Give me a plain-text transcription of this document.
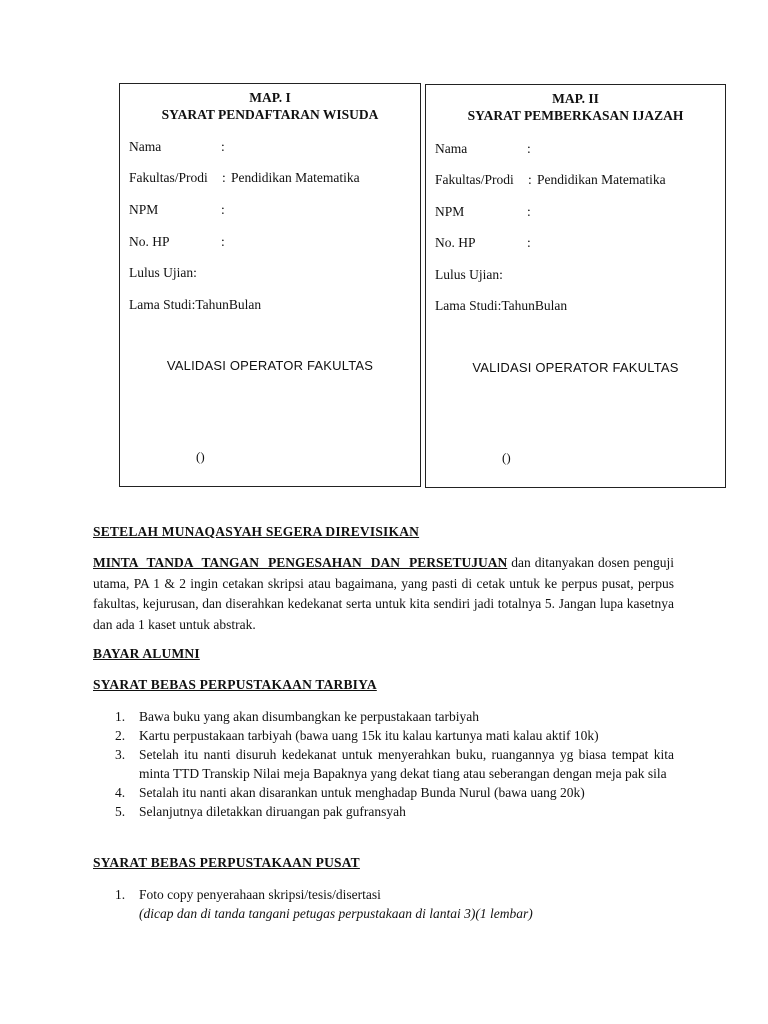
MAP. I
SYARAT PENDAFTARAN WISUDA
Nama	:
Fakultas/Prodi : Pendidikan Matematika
NPM	:
No. HP	:
Lulus Ujian:
Lama Studi:TahunBulan
VALIDASI OPERATOR FAKULTAS
()
MAP. II
SYARAT PEMBERKASAN IJAZAH
Nama	:
Fakultas/Prodi : Pendidikan Matematika
NPM	:
No. HP	:
Lulus Ujian:
Lama Studi:TahunBulan
VALIDASI OPERATOR FAKULTAS
()
SETELAH MUNAQASYAH SEGERA DIREVISIKAN
MINTA TANDA TANGAN PENGESAHAN DAN PERSETUJUAN dan ditanyakan dosen penguji utama, PA 1 & 2 ingin cetakan skripsi atau bagaimana, yang pasti di cetak untuk ke perpus pusat, perpus fakultas, kejurusan, dan diserahkan kedekanat serta untuk kita sendiri jadi totalnya 5. Jangan lupa kasetnya dan ada 1 kaset untuk abstrak.
BAYAR ALUMNI
SYARAT BEBAS PERPUSTAKAAN TARBIYA
1. Bawa buku yang akan disumbangkan ke perpustakaan tarbiyah
2. Kartu perpustakaan tarbiyah (bawa uang 15k itu kalau kartunya mati kalau aktif 10k)
3. Setelah itu nanti disuruh kedekanat untuk menyerahkan buku, ruangannya yg biasa tempat kita minta TTD Transkip Nilai meja Bapaknya yang dekat tiang atau seberangan dengan meja pak sila
4. Setalah itu nanti akan disarankan untuk menghadap Bunda Nurul (bawa uang 20k)
5. Selanjutnya diletakkan diruangan pak gufransyah
SYARAT BEBAS PERPUSTAKAAN PUSAT
1. Foto copy penyerahaan skripsi/tesis/disertasi
(dicap dan di tanda tangani petugas perpustakaan di lantai 3)(1 lembar)
